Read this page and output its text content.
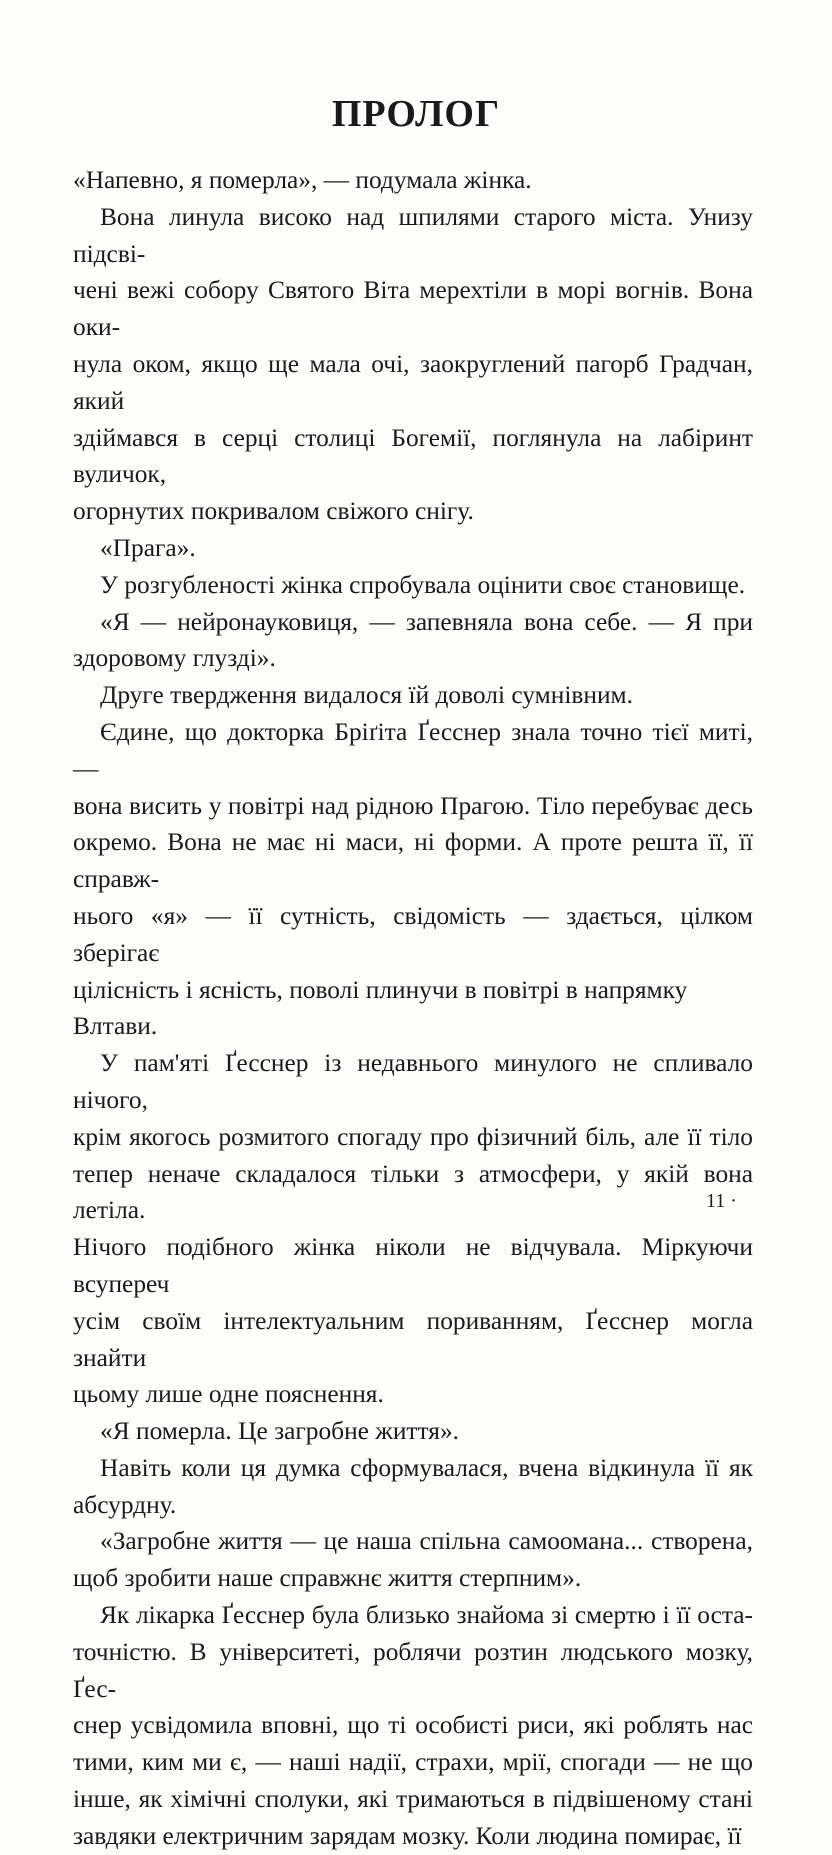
ПРОЛОГ

«Напевно, я померла», — подумала жінка.

Вона линула високо над шпилями старого міста. Унизу підсві-

чені вежі собору Святого Віта мерехтіли в морі вогнів. Вона оки-

нула оком, якщо ще мала очі, заокруглений пагорб Градчан, який

здіймався в серці столиці Богемії, поглянула на лабіринт вуличок,

огорнутих покривалом свіжого снігу.

«Прага».

У розгубленості жінка спробувала оцінити своє становище.

«Я — нейронауковиця, — запевняла вона себе. — Я при

здоровому глузді».

Друге твердження видалося їй доволі сумнівним.

Єдине, що докторка Бріґіта Ґесснер знала точно тієї миті, —

вона висить у повітрі над рідною Прагою. Тіло перебуває десь

окремо. Вона не має ні маси, ні форми. А проте решта її, її справж-

нього «я» — її сутність, свідомість — здається, цілком зберігає

цілісність і ясність, поволі плинучи в повітрі в напрямку Влтави.

У пам'яті Ґесснер із недавнього минулого не спливало нічого,

крім якогось розмитого спогаду про фізичний біль, але її тіло

тепер неначе складалося тільки з атмосфери, у якій вона летіла.

Нічого подібного жінка ніколи не відчувала. Міркуючи всупереч

усім своїм інтелектуальним пориванням, Ґесснер могла знайти

цьому лише одне пояснення.

«Я померла. Це загробне життя».

Навіть коли ця думка сформувалася, вчена відкинула її як

абсурдну.

«Загробне життя — це наша спільна самоомана... створена,

щоб зробити наше справжнє життя стерпним».

Як лікарка Ґесснер була близько знайома зі смертю і її оста-

точністю. В університеті, роблячи розтин людського мозку, Ґес-

снер усвідомила вповні, що ті особисті риси, які роблять нас

тими, ким ми є, — наші надії, страхи, мрії, спогади — не що

інше, як хімічні сполуки, які тримаються в підвішеному стані

завдяки електричним зарядам мозку. Коли людина помирає, її

11 ·
